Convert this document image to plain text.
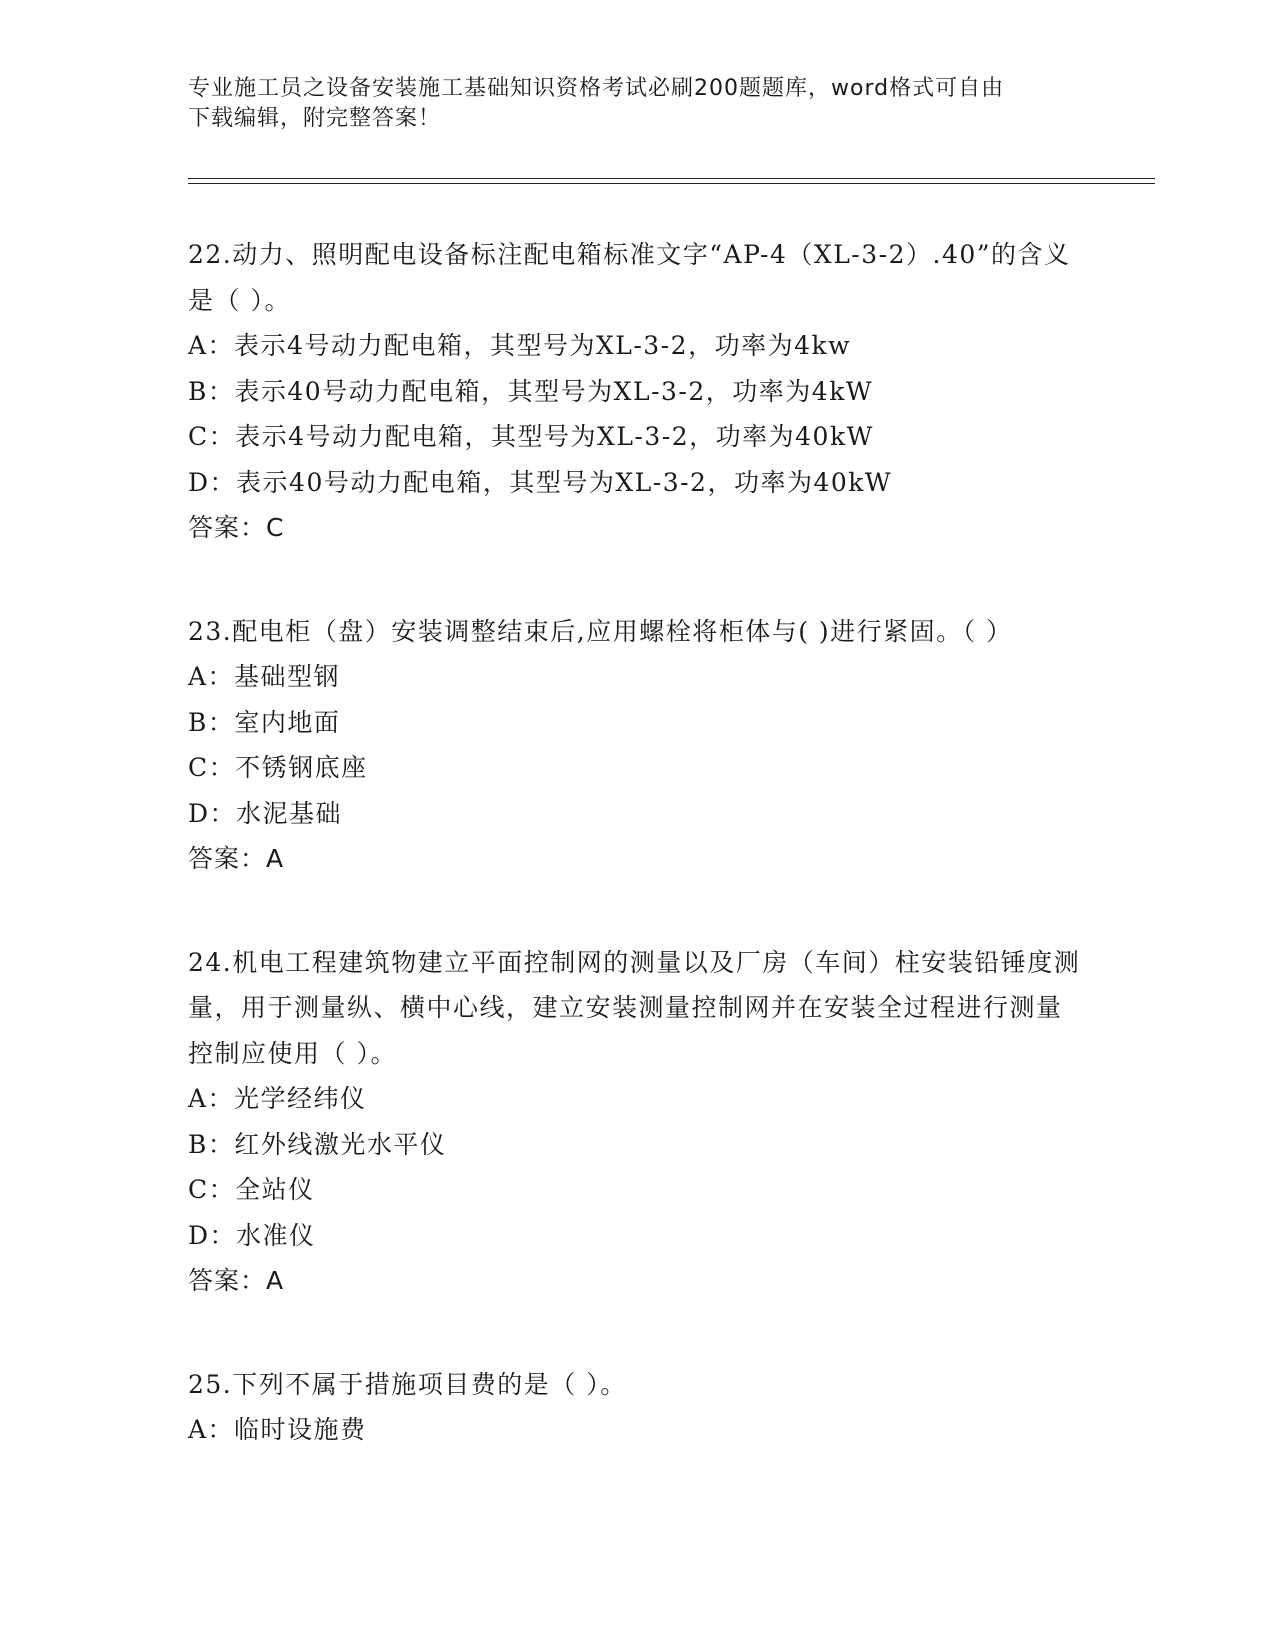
专业施工员之设备安装施工基础知识资格考试必刷200题题库，word格式可自由
下载编辑，附完整答案！

22.动力、照明配电设备标注配电箱标准文字“AP-4（XL-3-2）.40”的含义是（ ）。

A：表示4号动力配电箱，其型号为XL-3-2，功率为4kw

B：表示40号动力配电箱，其型号为XL-3-2，功率为4kW

C：表示4号动力配电箱，其型号为XL-3-2，功率为40kW

D：表示40号动力配电箱，其型号为XL-3-2，功率为40kW

答案：C

23.配电柜（盘）安装调整结束后,应用螺栓将柜体与( )进行紧固。（ ）

A：基础型钢

B：室内地面

C：不锈钢底座

D：水泥基础

答案：A

24.机电工程建筑物建立平面控制网的测量以及厂房（车间）柱安装铅锤度测量，用于测量纵、横中心线，建立安装测量控制网并在安装全过程进行测量控制应使用（ ）。

A：光学经纬仪

B：红外线激光水平仪

C：全站仪

D：水准仪

答案：A

25.下列不属于措施项目费的是（ ）。

A：临时设施费
